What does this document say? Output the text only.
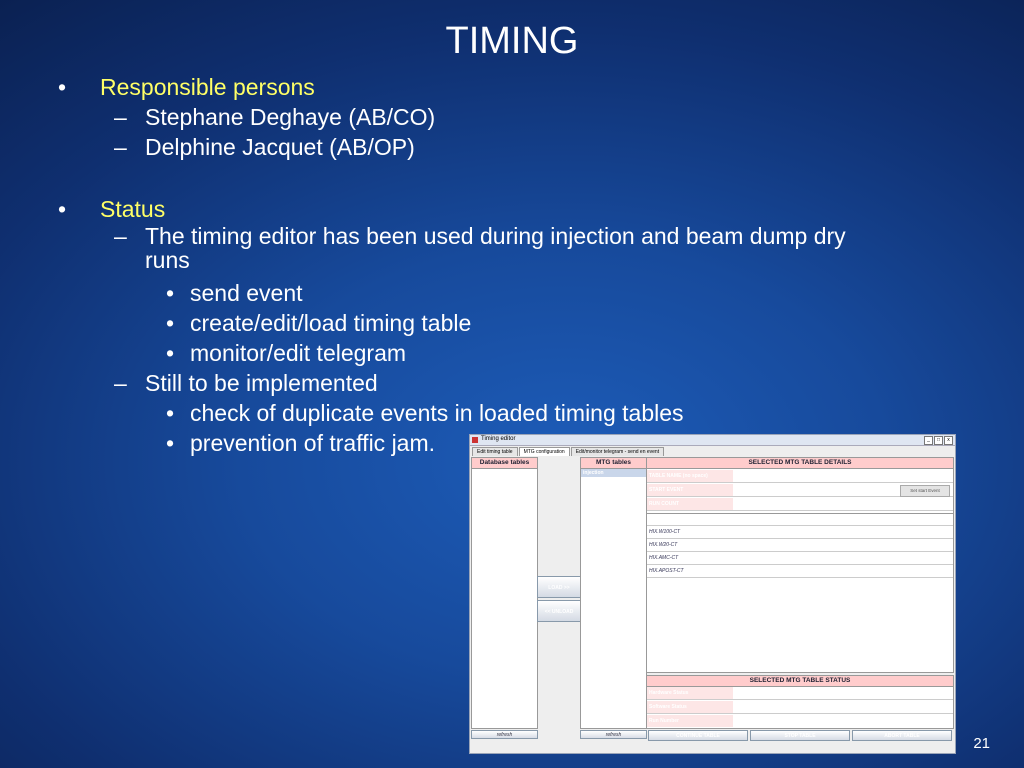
TIMING
• Responsible persons
– Stephane Deghaye (AB/CO)
– Delphine Jacquet (AB/OP)
• Status
– The timing editor has been used during injection and beam dump dry
runs
• send event
• create/edit/load timing table
• monitor/edit telegram
– Still to be implemented
• check of duplicate events in loaded timing tables
• prevention of traffic jam.	Timing editor	_	□	x
Edit timing table MTG configuration Edit/monitor telegram - send en event
Database tables
XPOCTEST
myNewTable
testTable
clonedTable
BPM-TEST
JUnitTestTable
LOAD >>
<< UNLOAD
MTG tables
injection
TestBIXPOC
SELECTED MTG TABLE DETAILS
TABLE NAME (no space)	injection
START EVENT	HX.FW-CT (0x0) - Injection forewarning (Currently 1S)	Set start Event
RUN COUNT	-1
EVENT NAME	PAYLOAD(Hex)	OFFSET (ms)	EVENT DESCRIPTION
HIX.W100-CT	0	900	Warning injection 100ms
HIX.W20-CT	0	980	Warning injection 20ms
HIX.AMC-CT	0	1000	Injection NOW
HIX.APOST-CT	0	1010	Injection +10ms
SELECTED MTG TABLE STATUS
Hardware Status	WAITING-RUNNING-
Software Status	WAIT_TRIG
Run Number
refresh	refresh	CONTINUE TABLE	STOP TABLE	ABORT TABLE	21
